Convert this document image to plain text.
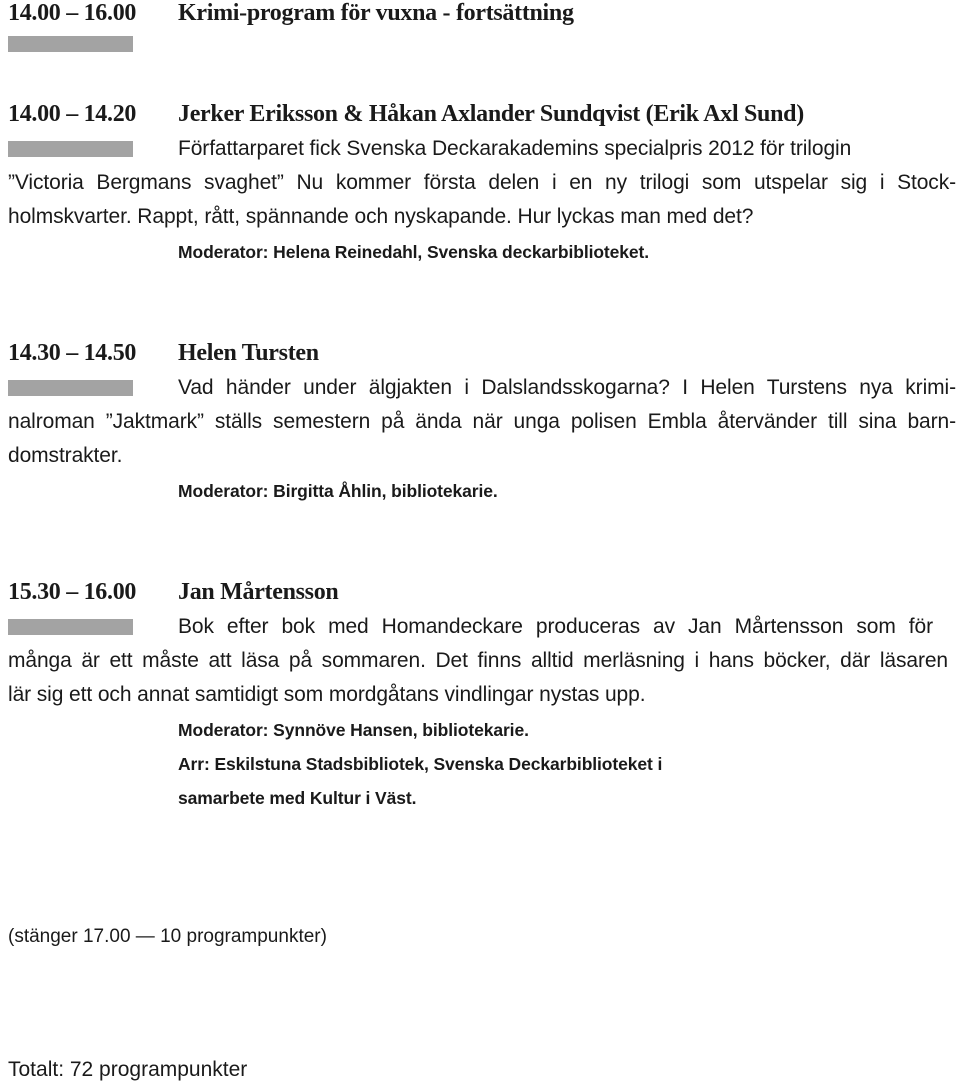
14.00 – 16.00 Krimi-program för vuxna - fortsättning
14.00 – 14.20 Jerker Eriksson & Håkan Axlander Sundqvist (Erik Axl Sund)
Författarparet fick Svenska Deckarakademins specialpris 2012 för trilogin
”Victoria Bergmans svaghet” Nu kommer första delen i en ny trilogi som utspelar sig i Stock-
holmskvarter. Rappt, rått, spännande och nyskapande. Hur lyckas man med det?
Moderator: Helena Reinedahl, Svenska deckarbiblioteket.
14.30 – 14.50 Helen Tursten
Vad händer under älgjakten i Dalslandsskogarna? I Helen Turstens nya krimi-
nalroman ”Jaktmark” ställs semestern på ända när unga polisen Embla återvänder till sina barn-
domstrakter.
Moderator: Birgitta Åhlin, bibliotekarie.
15.30 – 16.00 Jan Mårtensson
Bok efter bok med Homandeckare produceras av Jan Mårtensson som för
många är ett måste att läsa på sommaren. Det finns alltid merläsning i hans böcker, där läsaren
lär sig ett och annat samtidigt som mordgåtans vindlingar nystas upp.
Moderator: Synnöve Hansen, bibliotekarie.
Arr: Eskilstuna Stadsbibliotek, Svenska Deckarbiblioteket i
samarbete med Kultur i Väst.
(stänger 17.00 — 10 programpunkter)
Totalt: 72 programpunkter
